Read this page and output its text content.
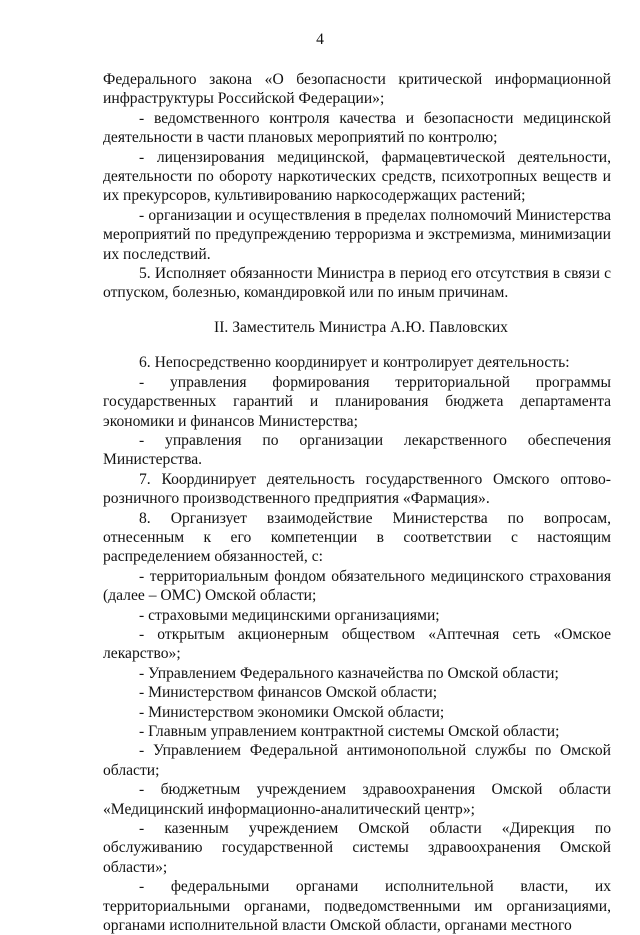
4

Федерального закона «О безопасности критической информационной инфраструктуры Российской Федерации»;

- ведомственного контроля качества и безопасности медицинской деятельности в части плановых мероприятий по контролю;

- лицензирования медицинской, фармацевтической деятельности, деятельности по обороту наркотических средств, психотропных веществ и их прекурсоров, культивированию наркосодержащих растений;

- организации и осуществления в пределах полномочий Министерства мероприятий по предупреждению терроризма и экстремизма, минимизации их последствий.

5. Исполняет обязанности Министра в период его отсутствия в связи с отпуском, болезнью, командировкой или по иным причинам.

II. Заместитель Министра А.Ю. Павловских

6. Непосредственно координирует и контролирует деятельность:

- управления формирования территориальной программы государственных гарантий и планирования бюджета департамента экономики и финансов Министерства;

- управления по организации лекарственного обеспечения Министерства.

7. Координирует деятельность государственного Омского оптово-розничного производственного предприятия «Фармация».

8. Организует взаимодействие Министерства по вопросам, отнесенным к его компетенции в соответствии с настоящим распределением обязанностей, с:

- территориальным фондом обязательного медицинского страхования (далее – ОМС) Омской области;

- страховыми медицинскими организациями;

- открытым акционерным обществом «Аптечная сеть «Омское лекарство»;

- Управлением Федерального казначейства по Омской области;

- Министерством финансов Омской области;

- Министерством экономики Омской области;

- Главным управлением контрактной системы Омской области;

- Управлением Федеральной антимонопольной службы по Омской области;

- бюджетным учреждением здравоохранения Омской области «Медицинский информационно-аналитический центр»;

- казенным учреждением Омской области «Дирекция по обслуживанию государственной системы здравоохранения Омской области»;

- федеральными органами исполнительной власти, их территориальными органами, подведомственными им организациями, органами исполнительной власти Омской области, органами местного
